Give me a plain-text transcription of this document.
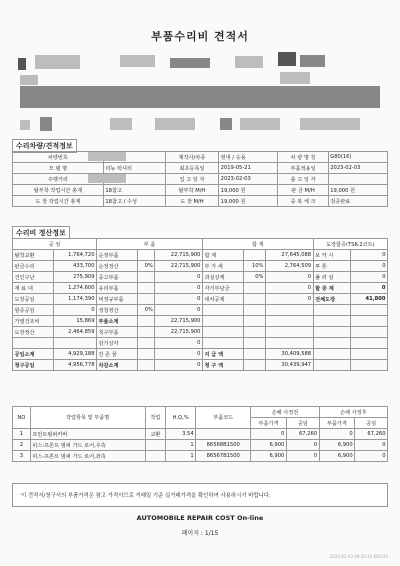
부품수리비 견적서
수리차량/견적정보
차량번호		제작사/차종	현대 / 승용	차 량 명 칭	G80(16)
모 델 명	더뉴 럭셔리	최초등록일	2019-05-21	부품적용일	2023-02-03
주행거리		입 고 일 자	2023-02-03	출 고 일 자	
탈부착 작업시간 총계	18참고	탈부착 M/H	19,000 원	판 금 M/H	19,000 원
도 장 작업시간 총계	18참고 / 수성	도 장 M/H	19,000 원	중 복 체 크	검증완료
수리비 정산정보
공 임		부 품			합 계			도장합증(TSK-2코트)	
탈착교환	1,764,720	순정부품		22,715,900	합 계		27,645,088	보 카 시	0
판금수리	433,700	순정정산	0%	22,715,900	부 가 세	10%	2,764,509	투 톤	0
건인구난	275,909	중고부품		0	과실상계	0%	0	풀 러 심	0
재 료 대	1,274,600	유리부품		0	자기부담금		0	할 증 계	0
도장공임	1,174,390	비정규부품		0	대차공제		0	전체도장	41,800
할증공임	0	정청정산	0%	0					
가열건조비	15,869	부품소계		22,715,900					
도장정산	2,464,859	청구부품		22,715,900					
		감가상각		0					
공임소계	4,929,188	잔 존 물		0	지 급 액		30,409,588		
청구공임	4,956,778	차감소계		0	청 구 액		30,439,947		
NO	작업항목 및 부품명	작업	H,Q,%	부품코드	손해 사정전		손해 사정후	
					부품가격	공임	부품가격	공임
1	프런트범퍼커버	교환	3.54		0	67,260	0	67,260
2	피스-프론트 범퍼 가드 로어,우측		1	86568B1500	6,900	0	6,900	0
3	피스-프론트 범퍼 가드 로어,좌측		1	86567B1500	6,900	0	6,900	0
이 견적서/청구서의 부품가격은 참고 가격이므로 거래일 기준 실거래가격을 확인하여 사용하시기 바랍니다.
AUTOMOBILE REPAIR COST On-line
페이지 : 1/15
2023-02-03 09:30:10 KIDS42
